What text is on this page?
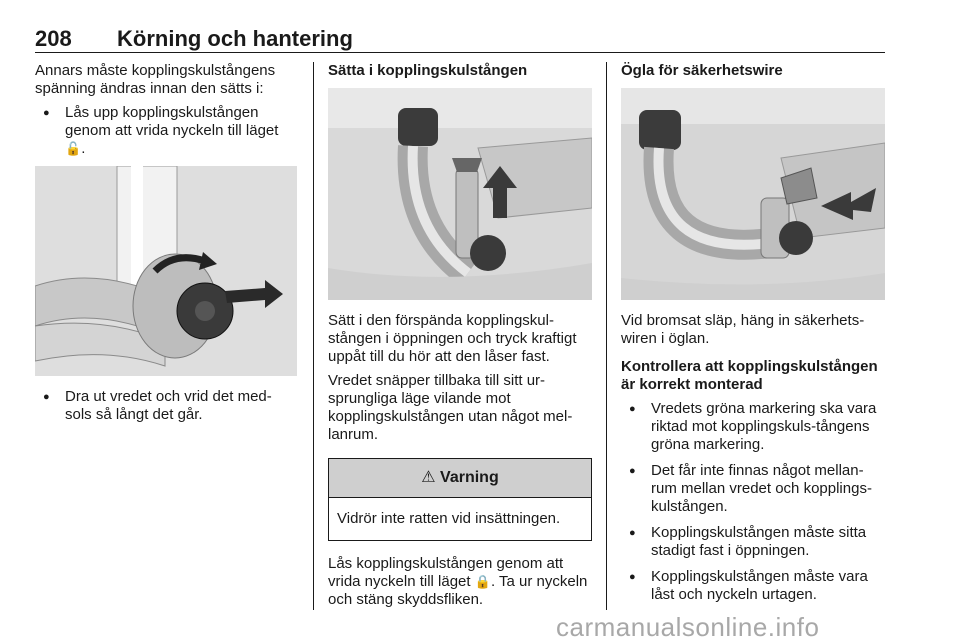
208 Körning och hantering

Annars måste kopplingskulstångens spänning ändras innan den sätts i:

● Lås upp kopplingskulstången genom att vrida nyckeln till läget 🔓.
● Dra ut vredet och vrid det med-sols så långt det går.

Sätta i kopplingskulstången

Sätt i den förspända kopplingskul-stången i öppningen och tryck kraftigt uppåt till du hör att den låser fast.

Vredet snäpper tillbaka till sitt ur-sprungliga läge vilande mot kopplingskulstången utan något mel-lanrum.

⚠ Varning
Vidrör inte ratten vid insättningen.

Lås kopplingskulstången genom att vrida nyckeln till läget 🔒. Ta ur nyckeln och stäng skyddsfliken.

Ögla för säkerhetswire

Vid bromsat släp, häng in säkerhets-wiren i öglan.

Kontrollera att kopplingskulstången är korrekt monterad

● Vredets gröna markering ska vara riktad mot kopplingskuls-tångens gröna markering.
● Det får inte finnas något mellan-rum mellan vredet och kopplings-kulstången.
● Kopplingskulstången måste sitta stadigt fast i öppningen.
● Kopplingskulstången måste vara låst och nyckeln urtagen.
carmanualsonline.info
